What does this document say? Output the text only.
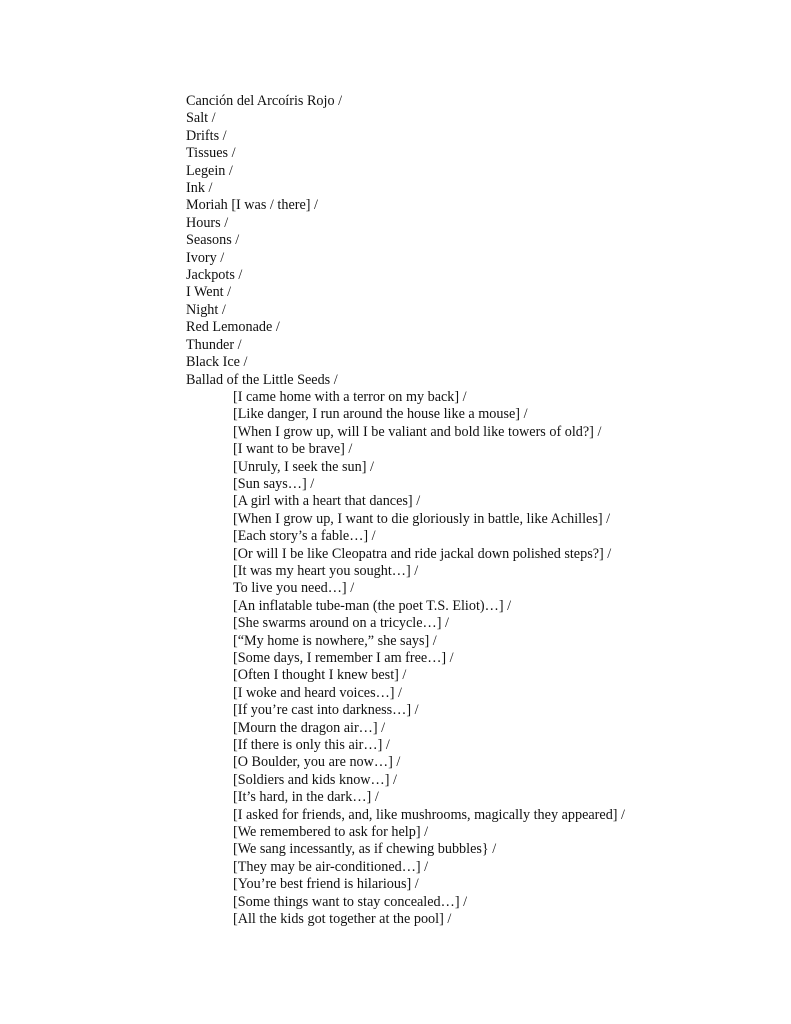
Canción del Arcoíris Rojo /
Salt /
Drifts /
Tissues /
Legein /
Ink /
Moriah [I was / there] /
Hours /
Seasons /
Ivory /
Jackpots /
I Went /
Night /
Red Lemonade /
Thunder /
Black Ice /
Ballad of the Little Seeds /
[I came home with a terror on my back] /
[Like danger, I run around the house like a mouse] /
[When I grow up, will I be valiant and bold like towers of old?] /
[I want to be brave] /
[Unruly, I seek the sun] /
[Sun says…] /
[A girl with a heart that dances] /
[When I grow up, I want to die gloriously in battle, like Achilles] /
[Each story’s a fable…] /
[Or will I be like Cleopatra and ride jackal down polished steps?] /
[It was my heart you sought…] /
To live you need…] /
[An inflatable tube-man (the poet T.S. Eliot)…] /
[She swarms around on a tricycle…] /
[“My home is nowhere,” she says] /
[Some days, I remember I am free…] /
[Often I thought I knew best] /
[I woke and heard voices…] /
[If you’re cast into darkness…] /
[Mourn the dragon air…] /
[If there is only this air…] /
[O Boulder, you are now…] /
[Soldiers and kids know…] /
[It’s hard, in the dark…] /
[I asked for friends, and, like mushrooms, magically they appeared] /
[We remembered to ask for help] /
[We sang incessantly, as if chewing bubbles} /
[They may be air-conditioned…] /
[You’re best friend is hilarious] /
[Some things want to stay concealed…] /
[All the kids got together at the pool] /
